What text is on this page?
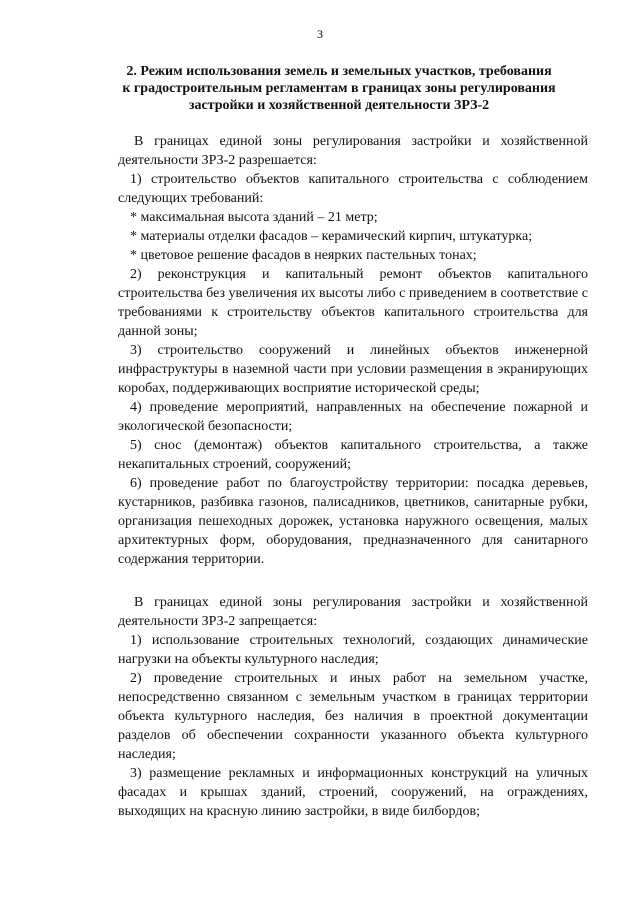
3
2. Режим использования земель и земельных участков, требования
к градостроительным регламентам в границах зоны регулирования
застройки и хозяйственной деятельности ЗРЗ-2

В границах единой зоны регулирования застройки и хозяйственной деятельности ЗРЗ-2 разрешается:

1) строительство объектов капитального строительства с соблюдением следующих требований:

* максимальная высота зданий – 21 метр;

* материалы отделки фасадов – керамический кирпич, штукатурка;

* цветовое решение фасадов в неярких пастельных тонах;

2) реконструкция и капитальный ремонт объектов капитального строительства без увеличения их высоты либо с приведением в соответствие с требованиями к строительству объектов капитального строительства для данной зоны;

3) строительство сооружений и линейных объектов инженерной инфраструктуры в наземной части при условии размещения в экранирующих коробах, поддерживающих восприятие исторической среды;

4) проведение мероприятий, направленных на обеспечение пожарной и экологической безопасности;

5) снос (демонтаж) объектов капитального строительства, а также некапитальных строений, сооружений;

6) проведение работ по благоустройству территории: посадка деревьев, кустарников, разбивка газонов, палисадников, цветников, санитарные рубки, организация пешеходных дорожек, установка наружного освещения, малых архитектурных форм, оборудования, предназначенного для санитарного содержания территории.

В границах единой зоны регулирования застройки и хозяйственной деятельности ЗРЗ-2 запрещается:

1) использование строительных технологий, создающих динамические нагрузки на объекты культурного наследия;

2) проведение строительных и иных работ на земельном участке, непосредственно связанном с земельным участком в границах территории объекта культурного наследия, без наличия в проектной документации разделов об обеспечении сохранности указанного объекта культурного наследия;

3) размещение рекламных и информационных конструкций на уличных фасадах и крышах зданий, строений, сооружений, на ограждениях, выходящих на красную линию застройки, в виде билбордов;
